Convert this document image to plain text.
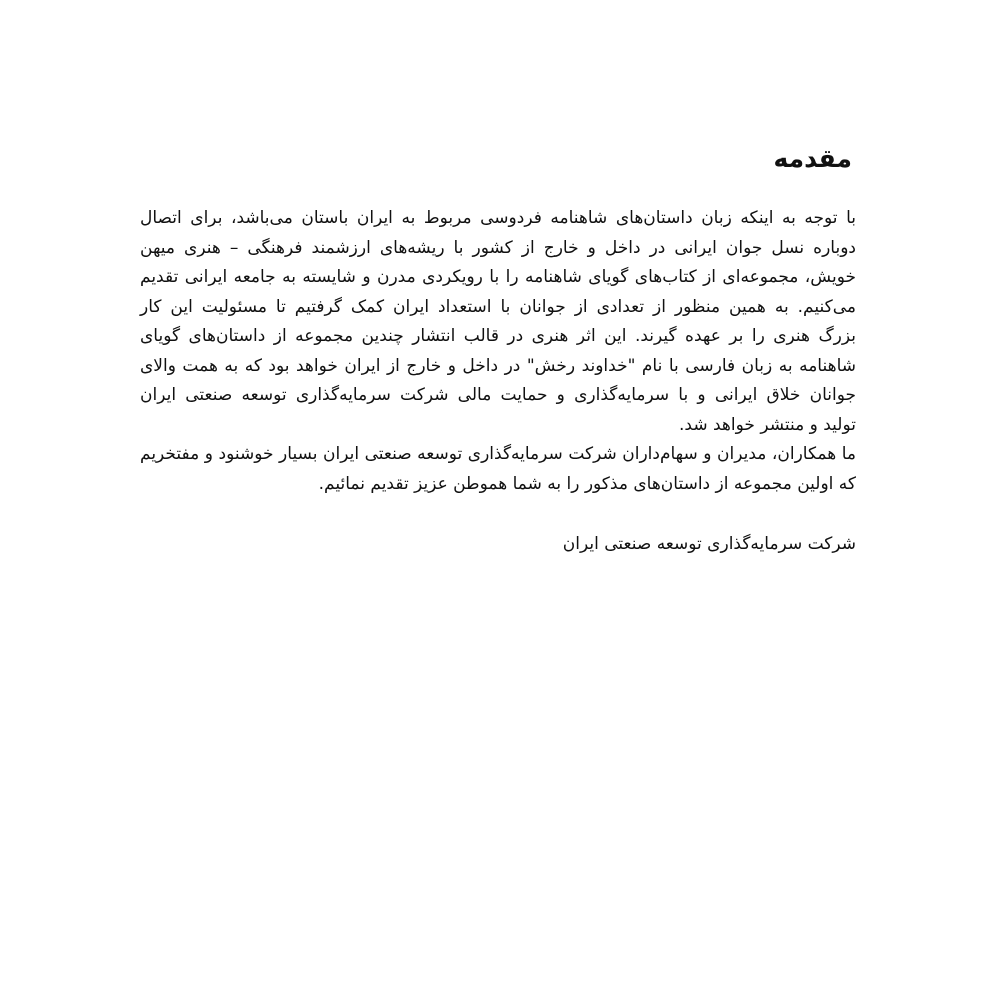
مقدمه
با توجه به اینکه زبان داستان‌های شاهنامه فردوسی مربوط به ایران باستان می‌باشد، برای اتصال
دوباره نسل جوان ایرانی در داخل و خارج از کشور با ریشه‌های ارزشمند فرهنگی – هنری میهن
خویش، مجموعه‌ای از کتاب‌های گویای شاهنامه را با رویکردی مدرن و شایسته به جامعه ایرانی تقدیم
می‌کنیم. به همین منظور از تعدادی از جوانان با استعداد ایران کمک گرفتیم تا مسئولیت این کار
بزرگ هنری را بر عهده گیرند. این اثر هنری در قالب انتشار چندین مجموعه از داستان‌های گویای
شاهنامه به زبان فارسی با نام "خداوند رخش" در داخل و خارج از ایران خواهد بود که به همت والای
جوانان خلاق ایرانی و با سرمایه‌گذاری و حمایت مالی شرکت سرمایه‌گذاری توسعه صنعتی ایران
تولید و منتشر خواهد شد.
ما همکاران، مدیران و سهام‌داران شرکت سرمایه‌گذاری توسعه صنعتی ایران بسیار خوشنود و مفتخریم
که اولین مجموعه از داستان‌های مذکور را به شما هموطن عزیز تقدیم نمائیم.
شرکت سرمایه‌گذاری توسعه صنعتی ایران
